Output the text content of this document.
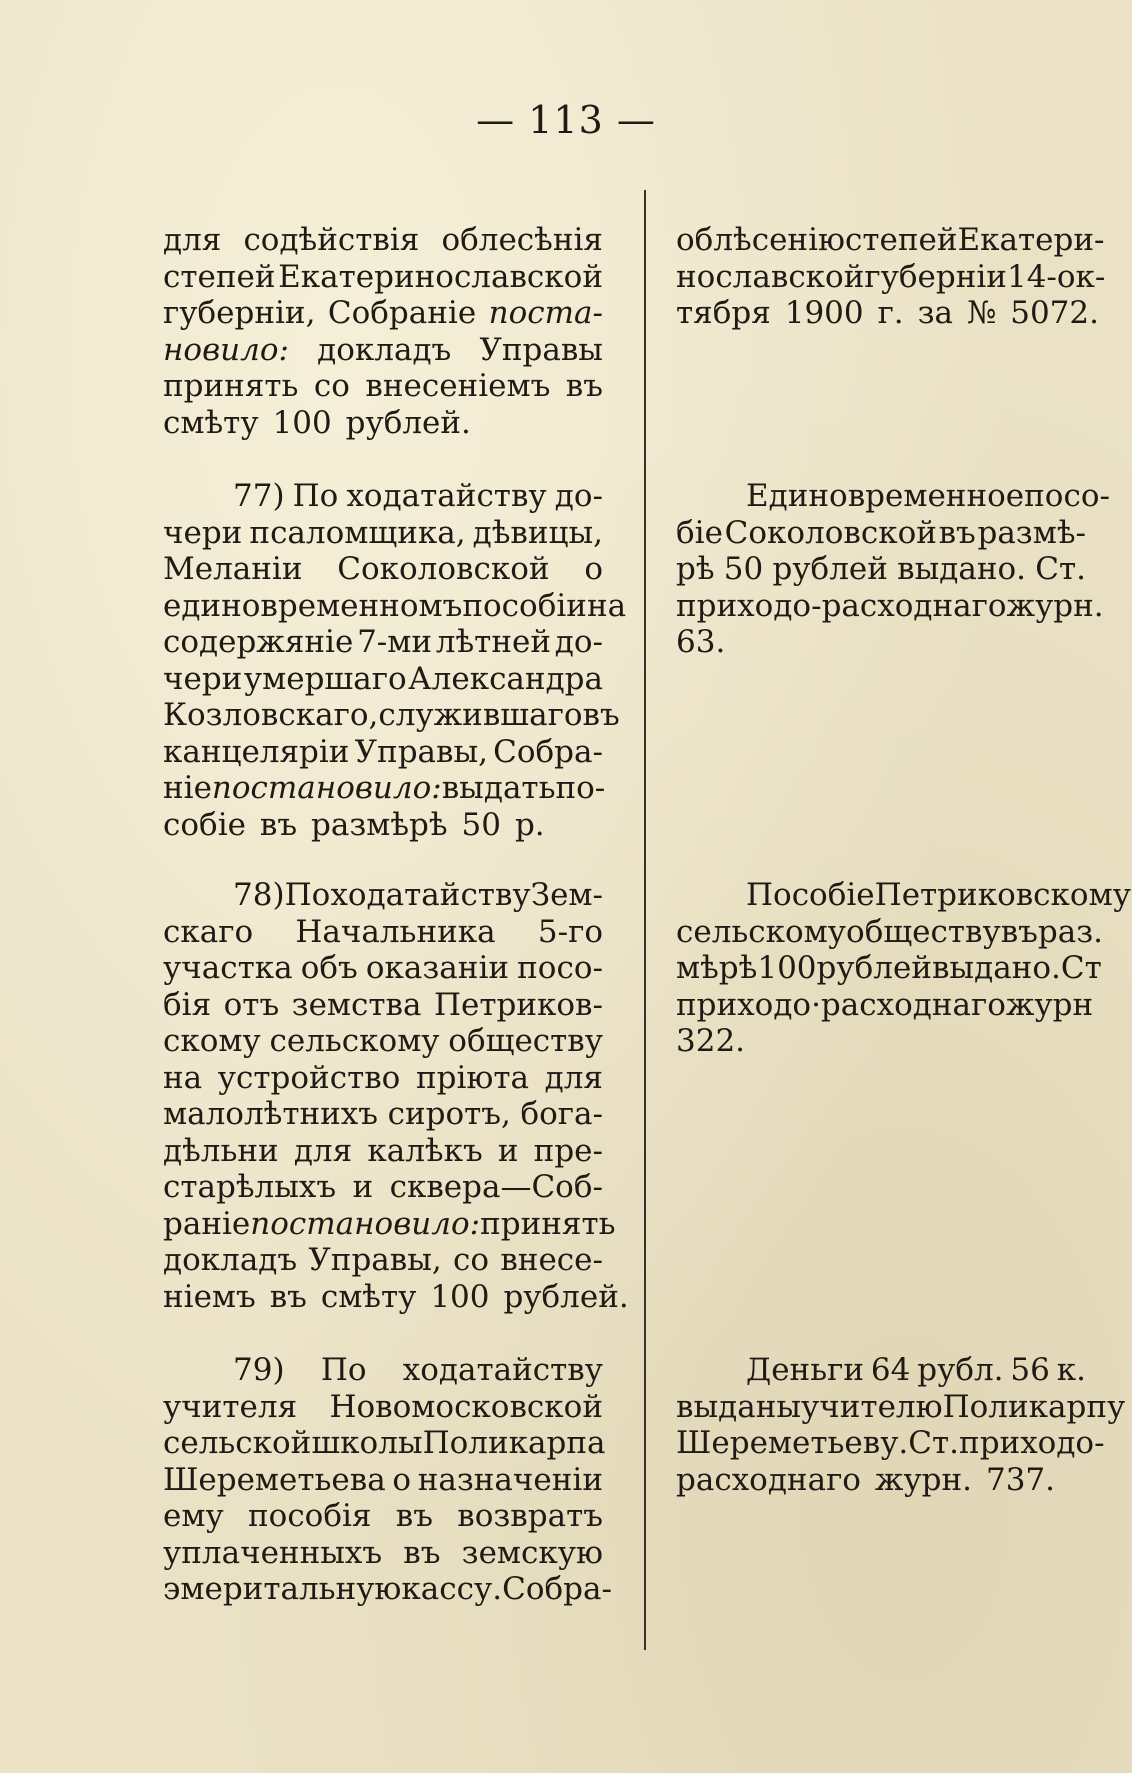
— 113 —
для содѣйствія облесѣнія
степей Екатеринославской
губерніи, Собраніе поста-
новило: докладъ Управы
принять со внесеніемъ въ
смѣту 100 рублей.
77) По ходатайству до-
чери псаломщика, дѣвицы,
Меланіи Соколовской о
единовременномъ пособіи на
содержяніе 7-ми лѣтней до-
чери умершаго Александра
Козловскаго, служившаго въ
канцеляріи Управы, Собра-
ніе постановило: выдать по-
собіе въ размѣрѣ 50 р.
78) По ходатайству Зем-
скаго Начальника 5-го
участка объ оказаніи посо-
бія отъ земства Петриков-
скому сельскому обществу
на устройство пріюта для
малолѣтнихъ сиротъ, бога-
дѣльни для калѣкъ и пре-
старѣлыхъ и сквера—Соб-
раніе постановило: принять
докладъ Управы, со внесе-
ніемъ въ смѣту 100 рублей.
79) По ходатайству
учителя Новомосковской
сельской школы Поликарпа
Шереметьева о назначеніи
ему пособія въ возвратъ
уплаченныхъ въ земскую
эмеритальную кассу. Собра-
облѣсенію степей Екатери-
нославской губерніи 14-ок-
тября 1900 г. за № 5072.
Единовременное посо-
біе Соколовской въ размѣ-
рѣ 50 рублей выдано. Ст.
приходо - расходнаго журн.
63.
Пособіе Петриковскому
сельскому обществу въ раз.
мѣрѣ 100 рублей выдано. Ст
приходо·расходнаго журн
322.
Деньги 64 рубл. 56 к.
выданы учителю Поликарпу
Шереметьеву. Ст. приходо-
расходнаго журн. 737.
